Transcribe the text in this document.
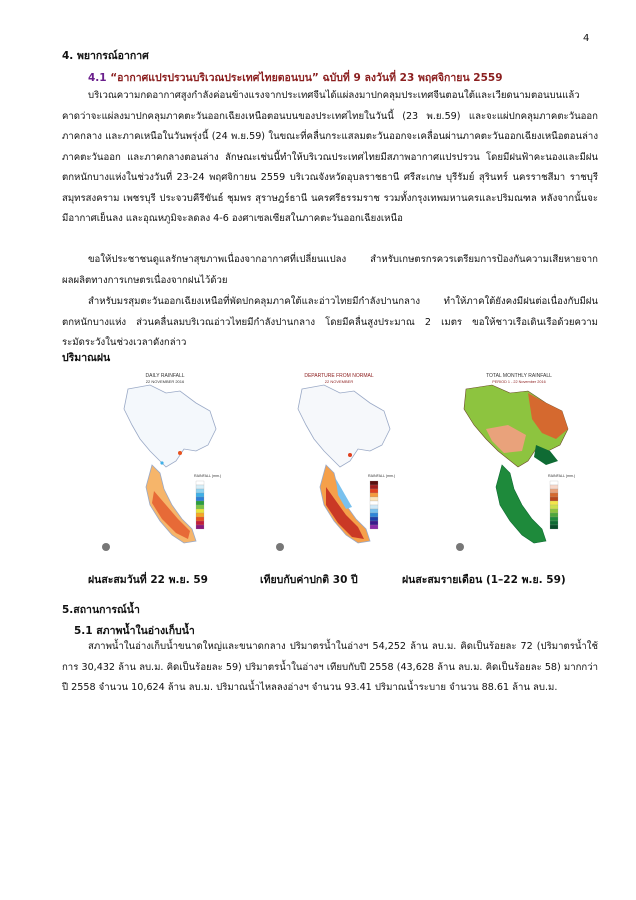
4
4. พยากรณ์อากาศ
4.1 “อากาศแปรปรวนบริเวณประเทศไทยตอนบน” ฉบับที่ 9 ลงวันที่ 23 พฤศจิกายน 2559
บริเวณความกดอากาศสูงกำลังค่อนข้างแรงจากประเทศจีนได้แผ่ลงมาปกคลุมประเทศจีนตอนใต้และเวียดนามตอนบนแล้ว คาดว่าจะแผ่ลงมาปกคลุมภาคตะวันออกเฉียงเหนือตอนบนของประเทศไทยในวันนี้ (23 พ.ย.59) และจะแผ่ปกคลุมภาคตะวันออก ภาคกลาง และภาคเหนือในวันพรุ่งนี้ (24 พ.ย.59) ในขณะที่คลื่นกระแสลมตะวันออกจะเคลื่อนผ่านภาคตะวันออกเฉียงเหนือตอนล่าง ภาคตะวันออก และภาคกลางตอนล่าง ลักษณะเช่นนี้ทำให้บริเวณประเทศไทยมีสภาพอากาศแปรปรวน โดยมีฝนฟ้าคะนองและมีฝนตกหนักบางแห่งในช่วงวันที่ 23-24 พฤศจิกายน 2559 บริเวณจังหวัดอุบลราชธานี ศรีสะเกษ บุรีรัมย์ สุรินทร์ นครราชสีมา ราชบุรี สมุทรสงคราม เพชรบุรี ประจวบคีรีขันธ์ ชุมพร สุราษฎร์ธานี นครศรีธรรมราช รวมทั้งกรุงเทพมหานครและปริมณฑล หลังจากนั้นจะมีอากาศเย็นลง และอุณหภูมิจะลดลง 4-6 องศาเซลเซียสในภาคตะวันออกเฉียงเหนือ
ขอให้ประชาชนดูแลรักษาสุขภาพเนื่องจากอากาศที่เปลี่ยนแปลง สำหรับเกษตรกรควรเตรียมการป้องกันความเสียหายจากผลผลิตทางการเกษตรเนื่องจากฝนไว้ด้วย
สำหรับมรสุมตะวันออกเฉียงเหนือที่พัดปกคลุมภาคใต้และอ่าวไทยมีกำลังปานกลาง ทำให้ภาคใต้ยังคงมีฝนต่อเนื่องกับมีฝนตกหนักบางแห่ง ส่วนคลื่นลมบริเวณอ่าวไทยมีกำลังปานกลาง โดยมีคลื่นสูงประมาณ 2 เมตร ขอให้ชาวเรือเดินเรือด้วยความระมัดระวังในช่วงเวลาดังกล่าว
ปริมาณฝน
DAILY RAINFALL
22 NOVEMBER 2016
RAINFALL (mm.)
ฝนสะสมวันที่ 22 พ.ย. 59
DEPARTURE FROM NORMAL
22 NOVEMBER
RAINFALL (mm.)
เทียบกับค่าปกติ 30 ปี
TOTAL MONTHLY RAINFALL
PERIOD 1 - 22 November 2016
RAINFALL (mm.)
ฝนสะสมรายเดือน (1–22 พ.ย. 59)
5.สถานการณ์น้ำ
5.1 สภาพน้ำในอ่างเก็บน้ำ
สภาพน้ำในอ่างเก็บน้ำขนาดใหญ่และขนาดกลาง ปริมาตรน้ำในอ่างฯ 54,252 ล้าน ลบ.ม. คิดเป็นร้อยละ 72 (ปริมาตรน้ำใช้การ 30,432 ล้าน ลบ.ม. คิดเป็นร้อยละ 59) ปริมาตรน้ำในอ่างฯ เทียบกับปี 2558 (43,628 ล้าน ลบ.ม. คิดเป็นร้อยละ 58) มากกว่าปี 2558 จำนวน 10,624 ล้าน ลบ.ม. ปริมาณน้ำไหลลงอ่างฯ จำนวน 93.41 ปริมาณน้ำระบาย จำนวน 88.61 ล้าน ลบ.ม.
